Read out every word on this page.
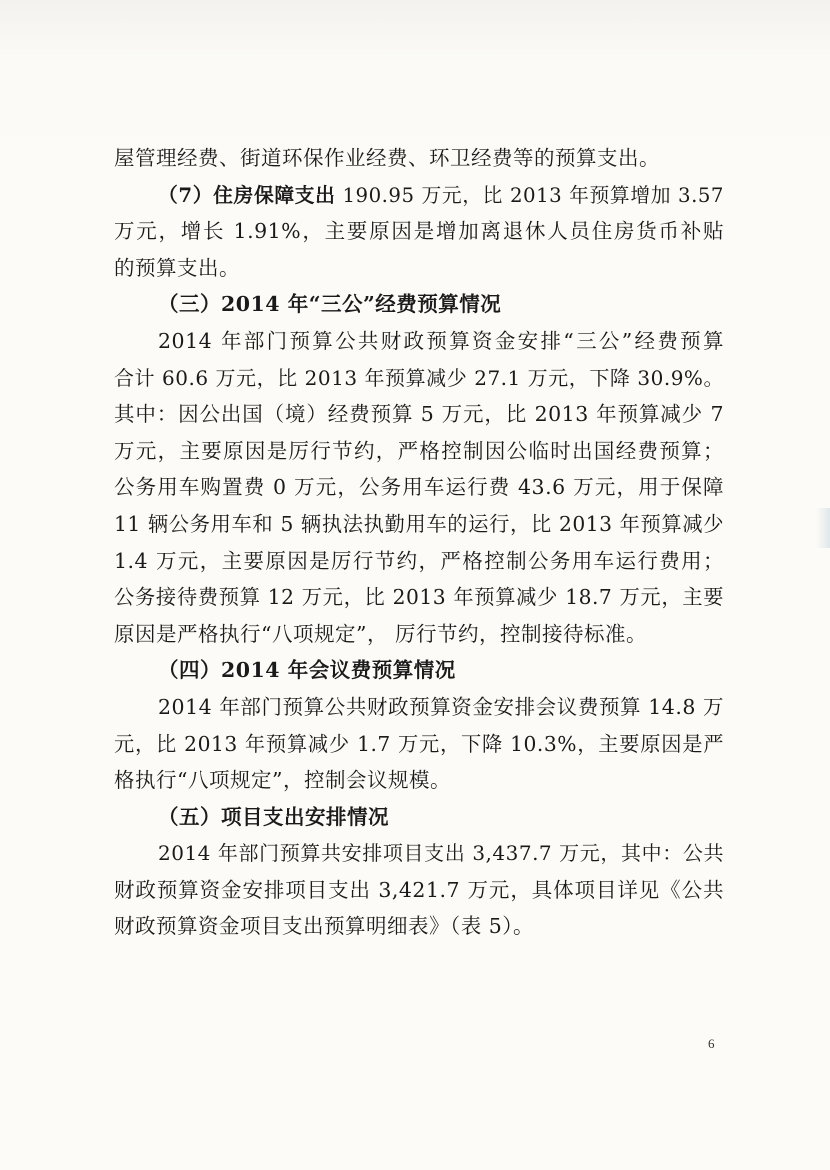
屋管理经费、街道环保作业经费、环卫经费等的预算支出。
（7）住房保障支出 190.95 万元，比 2013 年预算增加 3.57
万元，增长 1.91%，主要原因是增加离退休人员住房货币补贴
的预算支出。
（三）2014 年“三公”经费预算情况
2014 年部门预算公共财政预算资金安排“三公”经费预算
合计 60.6 万元，比 2013 年预算减少 27.1 万元，下降 30.9%。
其中：因公出国（境）经费预算 5 万元，比 2013 年预算减少 7
万元，主要原因是厉行节约，严格控制因公临时出国经费预算；
公务用车购置费 0 万元，公务用车运行费 43.6 万元，用于保障
11 辆公务用车和 5 辆执法执勤用车的运行，比 2013 年预算减少
1.4 万元，主要原因是厉行节约，严格控制公务用车运行费用；
公务接待费预算 12 万元，比 2013 年预算减少 18.7 万元，主要
原因是严格执行“八项规定”， 厉行节约，控制接待标准。
（四）2014 年会议费预算情况
2014 年部门预算公共财政预算资金安排会议费预算 14.8 万
元，比 2013 年预算减少 1.7 万元，下降 10.3%，主要原因是严
格执行“八项规定”，控制会议规模。
（五）项目支出安排情况
2014 年部门预算共安排项目支出 3,437.7 万元，其中：公共
财政预算资金安排项目支出 3,421.7 万元，具体项目详见《公共
财政预算资金项目支出预算明细表》（表 5）。
6
